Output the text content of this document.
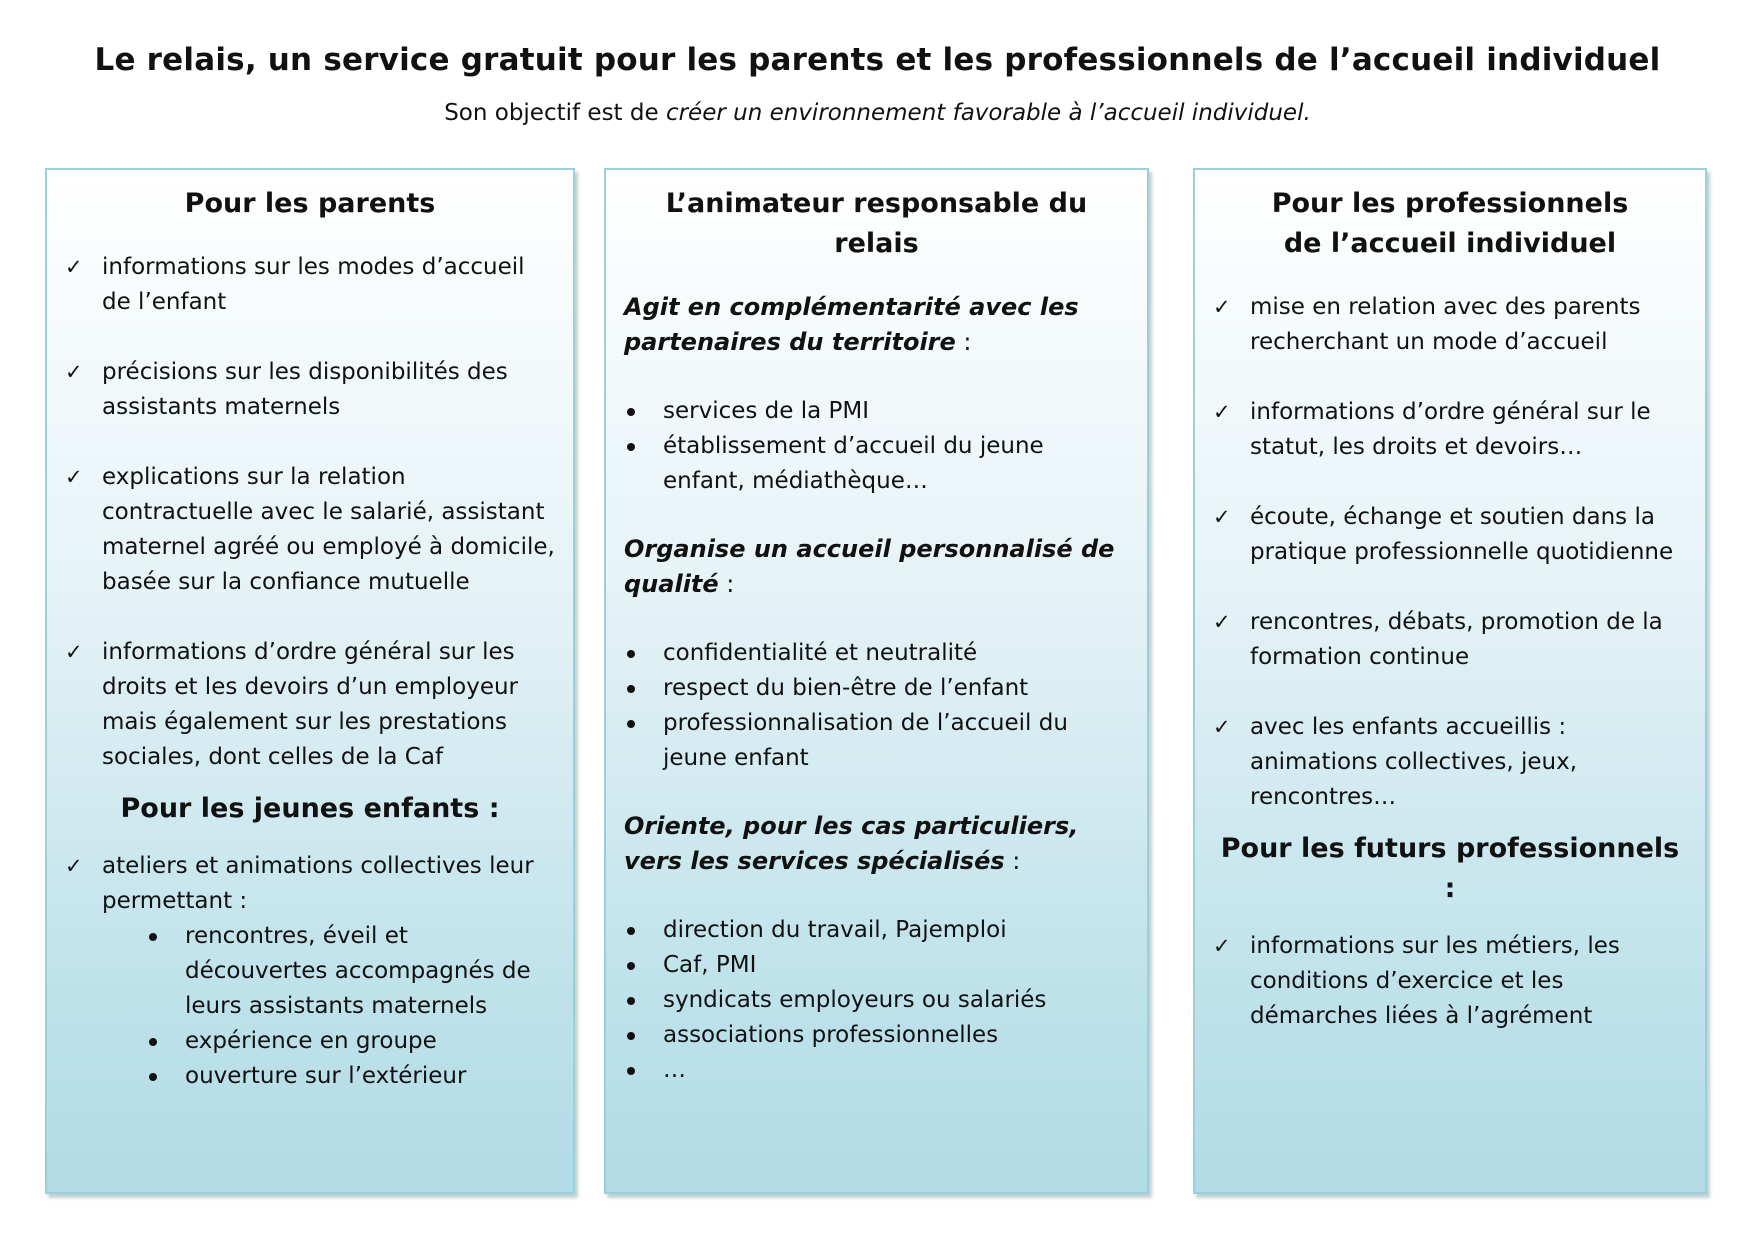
Le relais, un service gratuit pour les parents et les professionnels de l’accueil individuel

Son objectif est de créer un environnement favorable à l’accueil individuel.

Pour les parents
✓ informations sur les modes d’accueil de l’enfant
✓ précisions sur les disponibilités des assistants maternels
✓ explications sur la relation contractuelle avec le salarié, assistant maternel agréé ou employé à domicile, basée sur la confiance mutuelle
✓ informations d’ordre général sur les droits et les devoirs d’un employeur mais également sur les prestations sociales, dont celles de la Caf
Pour les jeunes enfants :
✓ ateliers et animations collectives leur permettant :
rencontres, éveil et découvertes accompagnés de leurs assistants maternels
expérience en groupe
ouverture sur l’extérieur
L’animateur responsable du relais
Agit en complémentarité avec les partenaires du territoire :
services de la PMI
établissement d’accueil du jeune enfant, médiathèque…
Organise un accueil personnalisé de qualité :
confidentialité et neutralité
respect du bien-être de l’enfant
professionnalisation de l’accueil du jeune enfant
Oriente, pour les cas particuliers, vers les services spécialisés :
direction du travail, Pajemploi
Caf, PMI
syndicats employeurs ou salariés
associations professionnelles
…
Pour les professionnels
de l’accueil individuel
✓ mise en relation avec des parents recherchant un mode d’accueil
✓ informations d’ordre général sur le statut, les droits et devoirs…
✓ écoute, échange et soutien dans la pratique professionnelle quotidienne
✓ rencontres, débats, promotion de la formation continue
✓ avec les enfants accueillis : animations collectives, jeux, rencontres…
Pour les futurs professionnels :
✓ informations sur les métiers, les conditions d’exercice et les démarches liées à l’agrément
